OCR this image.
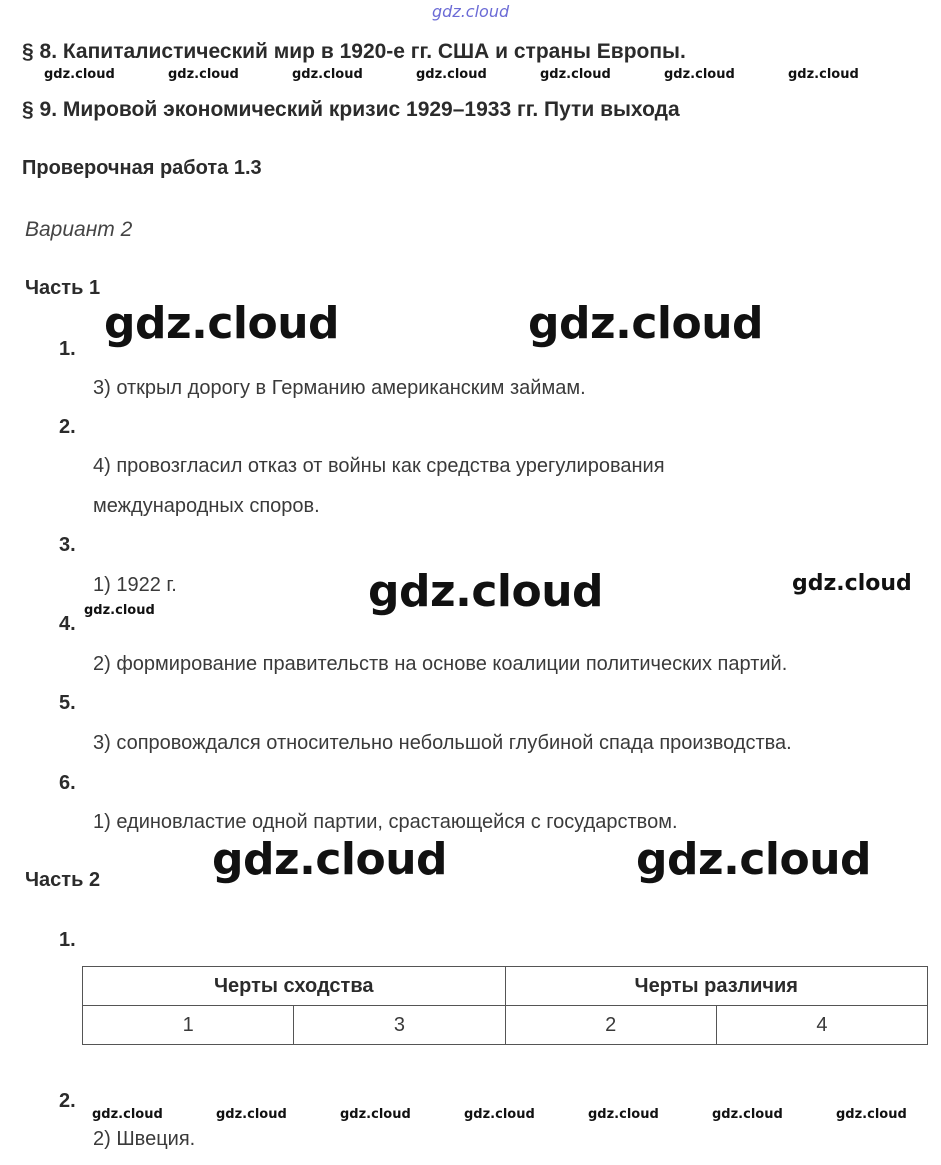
gdz.cloud
§ 8. Капиталистический мир в 1920-е гг. США и страны Европы.
gdz.cloud	gdz.cloud	gdz.cloud	gdz.cloud	gdz.cloud	gdz.cloud	gdz.cloud
§ 9. Мировой экономический кризис 1929–1933 гг. Пути выхода
Проверочная работа 1.3
Вариант 2
Часть 1
gdz.cloud	gdz.cloud
1.
3) открыл дорогу в Германию американским займам.
2.
4) провозгласил отказ от войны как средства урегулирования
международных споров.
3.
1) 1922 г.	gdz.cloud	gdz.cloud
gdz.cloud
4.
2) формирование правительств на основе коалиции политических партий.
5.
3) сопровождался относительно небольшой глубиной спада производства.
6.
1) единовластие одной партии, срастающейся с государством.
gdz.cloud	gdz.cloud
Часть 2
1.
Черты сходства		Черты различия	
1	3	2	4
2.
gdz.cloud	gdz.cloud	gdz.cloud	gdz.cloud	gdz.cloud	gdz.cloud	gdz.cloud
2) Швеция.
